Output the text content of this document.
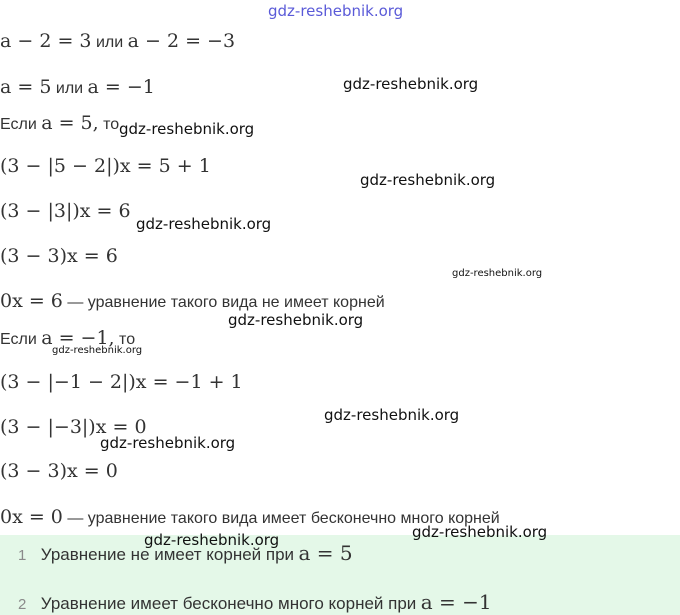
a − 2 = 3 или a − 2 = −3
a = 5 или a = −1
Если a = 5, то
(3 − |5 − 2|)x = 5 + 1
(3 − |3|)x = 6
(3 − 3)x = 6
0x = 6 — уравнение такого вида не имеет корней
Если a = −1, то
(3 − |−1 − 2|)x = −1 + 1
(3 − |−3|)x = 0
(3 − 3)x = 0
0x = 0 — уравнение такого вида имеет бесконечно много корней
1 Уравнение не имеет корней при a = 5
2 Уравнение имеет бесконечно много корней при a = −1
gdz-reshebnik.org
gdz-reshebnik.org
gdz-reshebnik.org
gdz-reshebnik.org
gdz-reshebnik.org
gdz-reshebnik.org
gdz-reshebnik.org
gdz-reshebnik.org
gdz-reshebnik.org
gdz-reshebnik.org
gdz-reshebnik.org
gdz-reshebnik.org
